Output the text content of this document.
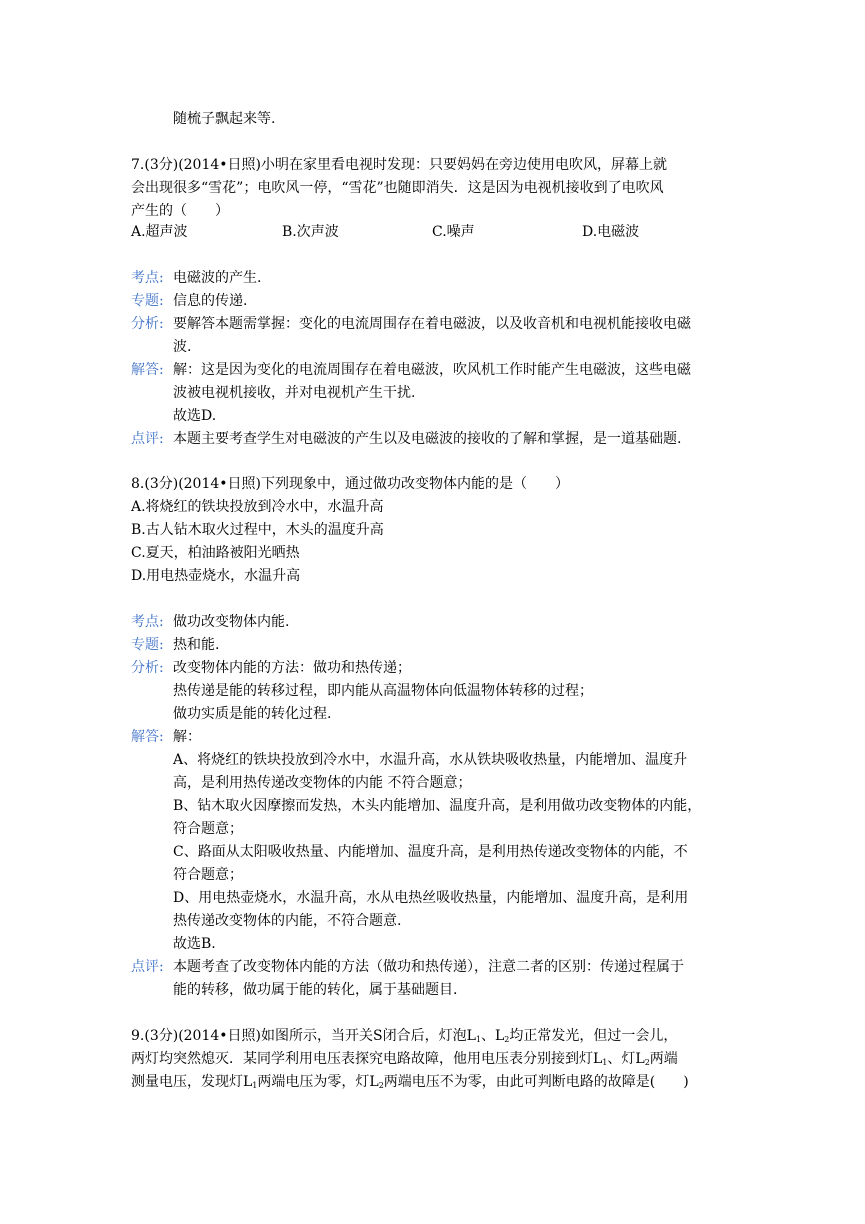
随梳子飘起来等.
7.(3分)(2014•日照)小明在家里看电视时发现：只要妈妈在旁边使用电吹风，屏幕上就
会出现很多“雪花”；电吹风一停，“雪花”也随即消失．这是因为电视机接收到了电吹风
产生的（　　）
A.超声波	B.次声波	C.噪声	D.电磁波
考点: 电磁波的产生.
专题: 信息的传递.
分析: 要解答本题需掌握：变化的电流周围存在着电磁波，以及收音机和电视机能接收电磁
波.
解答: 解：这是因为变化的电流周围存在着电磁波，吹风机工作时能产生电磁波，这些电磁
波被电视机接收，并对电视机产生干扰.
故选D.
点评: 本题主要考查学生对电磁波的产生以及电磁波的接收的了解和掌握，是一道基础题.
8.(3分)(2014•日照)下列现象中，通过做功改变物体内能的是（　　）
A.将烧红的铁块投放到冷水中，水温升高
B.古人钻木取火过程中，木头的温度升高
C.夏天，柏油路被阳光晒热
D.用电热壶烧水，水温升高
考点: 做功改变物体内能.
专题: 热和能.
分析: 改变物体内能的方法：做功和热传递；
热传递是能的转移过程，即内能从高温物体向低温物体转移的过程；
做功实质是能的转化过程.
解答: 解：
A、将烧红的铁块投放到冷水中，水温升高，水从铁块吸收热量，内能增加、温度升
高，是利用热传递改变物体的内能 不符合题意；
B、钻木取火因摩擦而发热，木头内能增加、温度升高，是利用做功改变物体的内能，
符合题意；
C、路面从太阳吸收热量、内能增加、温度升高，是利用热传递改变物体的内能，不
符合题意；
D、用电热壶烧水，水温升高，水从电热丝吸收热量，内能增加、温度升高，是利用
热传递改变物体的内能，不符合题意.
故选B.
点评: 本题考查了改变物体内能的方法（做功和热传递），注意二者的区别：传递过程属于
能的转移，做功属于能的转化，属于基础题目.
9.(3分)(2014•日照)如图所示，当开关S闭合后，灯泡$L_1$、$L_2$均正常发光，但过一会儿，
两灯均突然熄灭．某同学利用电压表探究电路故障，他用电压表分别接到灯$L_1$、灯$L_2$两端
测量电压，发现灯$L_1$两端电压为零，灯$L_2$两端电压不为零，由此可判断电路的故障是(　　)
